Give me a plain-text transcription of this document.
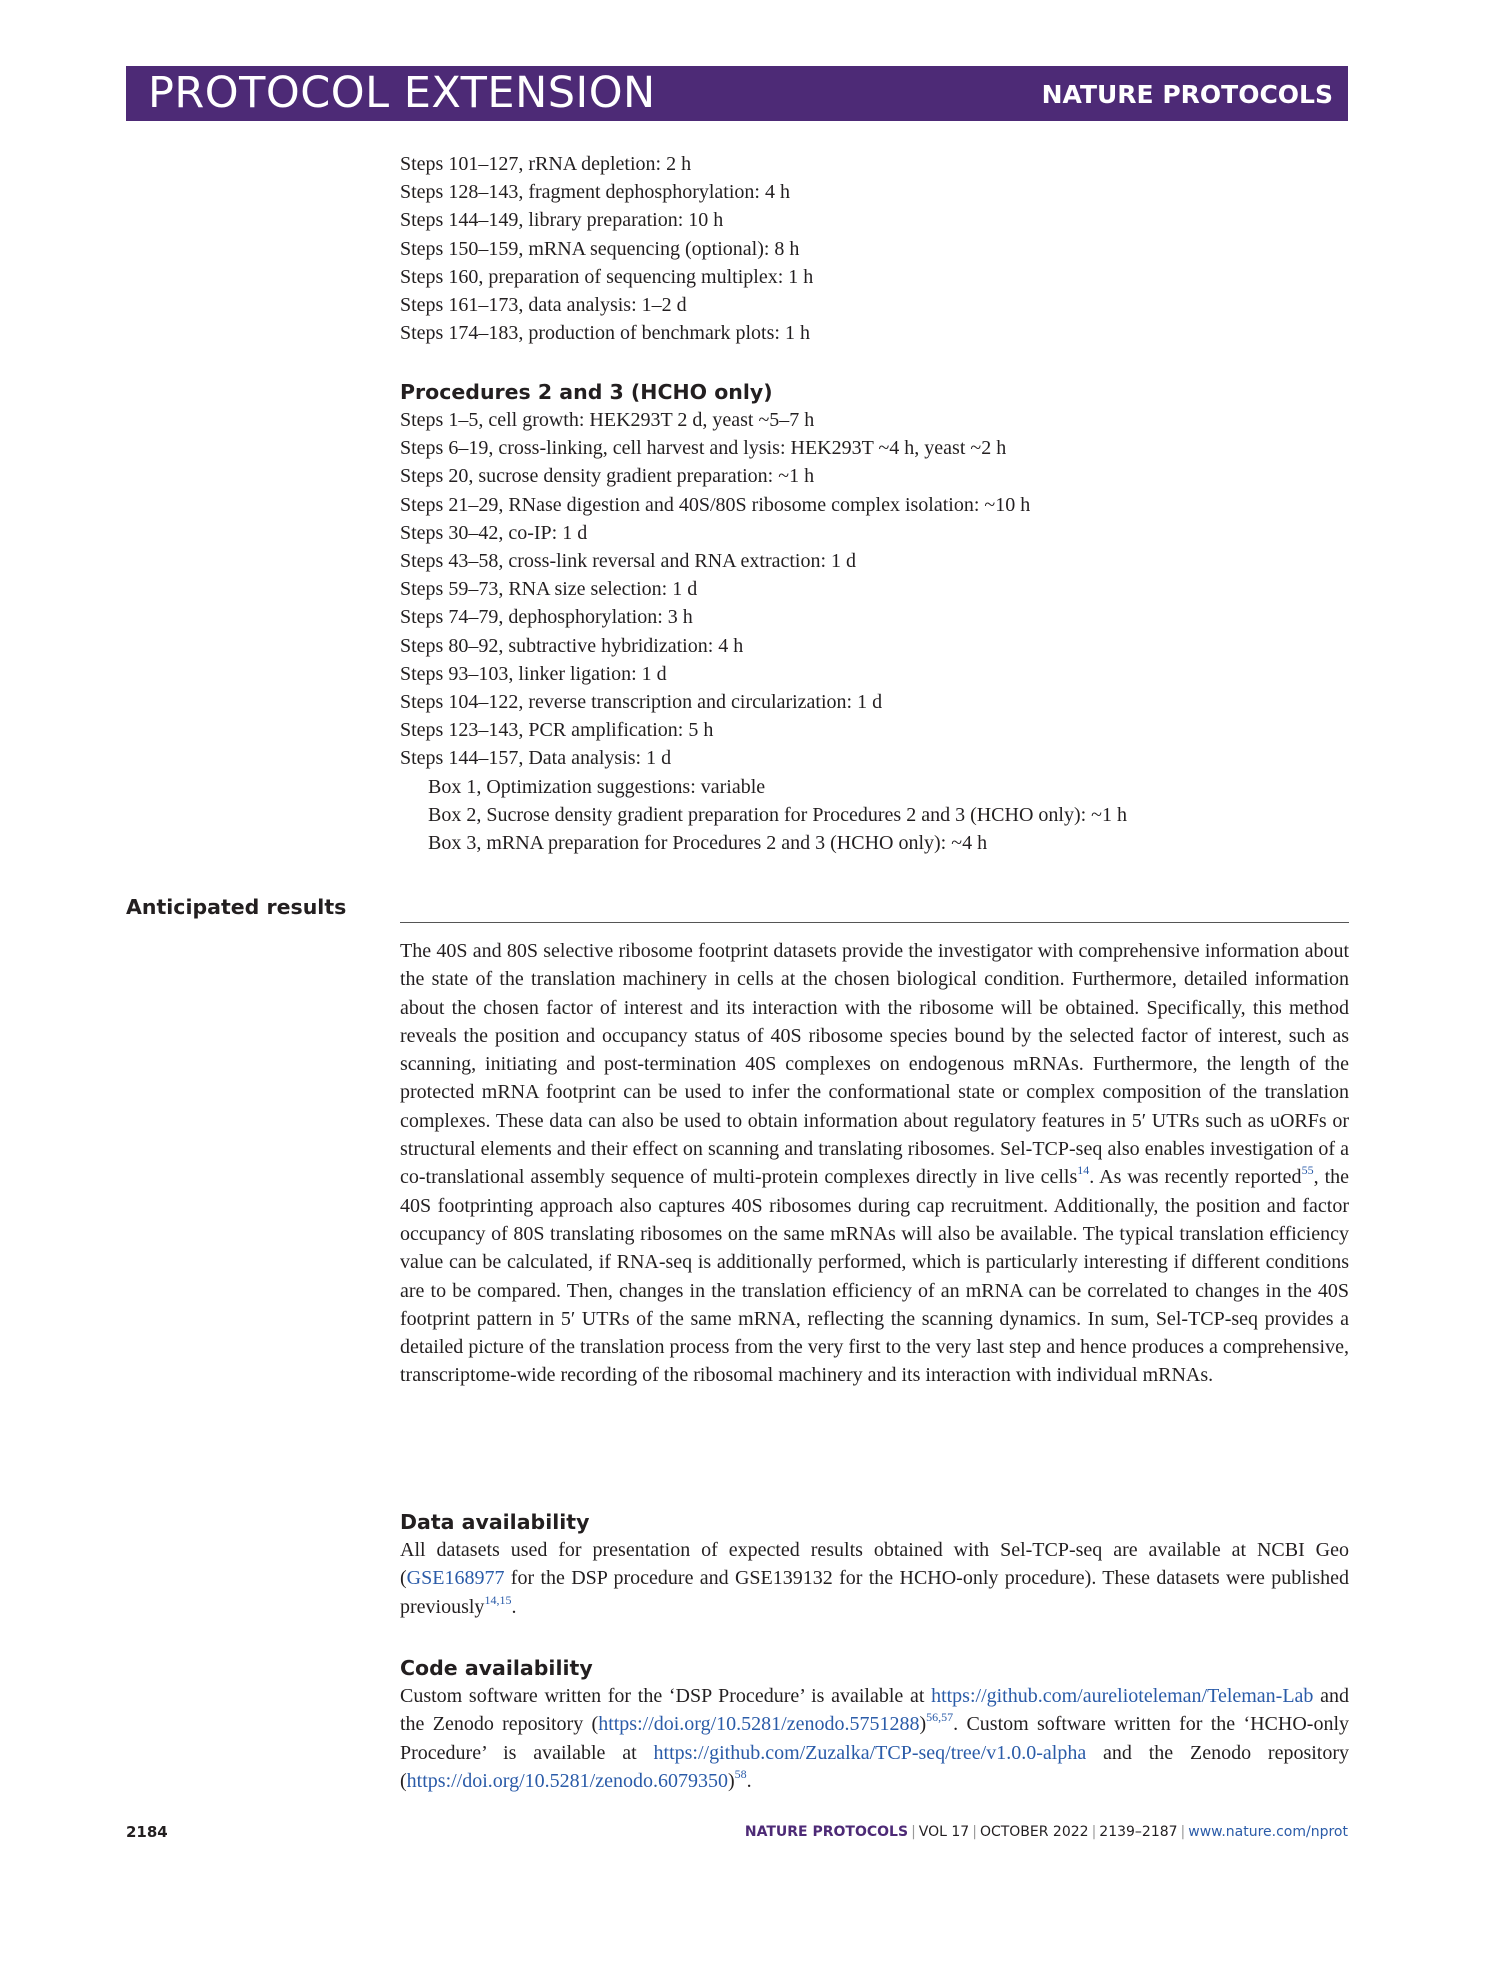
PROTOCOL EXTENSION	NATURE PROTOCOLS
Steps 101–127, rRNA depletion: 2 h
Steps 128–143, fragment dephosphorylation: 4 h
Steps 144–149, library preparation: 10 h
Steps 150–159, mRNA sequencing (optional): 8 h
Steps 160, preparation of sequencing multiplex: 1 h
Steps 161–173, data analysis: 1–2 d
Steps 174–183, production of benchmark plots: 1 h
Procedures 2 and 3 (HCHO only)
Steps 1–5, cell growth: HEK293T 2 d, yeast ~5–7 h
Steps 6–19, cross-linking, cell harvest and lysis: HEK293T ~4 h, yeast ~2 h
Steps 20, sucrose density gradient preparation: ~1 h
Steps 21–29, RNase digestion and 40S/80S ribosome complex isolation: ~10 h
Steps 30–42, co-IP: 1 d
Steps 43–58, cross-link reversal and RNA extraction: 1 d
Steps 59–73, RNA size selection: 1 d
Steps 74–79, dephosphorylation: 3 h
Steps 80–92, subtractive hybridization: 4 h
Steps 93–103, linker ligation: 1 d
Steps 104–122, reverse transcription and circularization: 1 d
Steps 123–143, PCR amplification: 5 h
Steps 144–157, Data analysis: 1 d
Box 1, Optimization suggestions: variable
Box 2, Sucrose density gradient preparation for Procedures 2 and 3 (HCHO only): ~1 h
Box 3, mRNA preparation for Procedures 2 and 3 (HCHO only): ~4 h
Anticipated results

The 40S and 80S selective ribosome footprint datasets provide the investigator with comprehensive information about the state of the translation machinery in cells at the chosen biological condition. Furthermore, detailed information about the chosen factor of interest and its interaction with the ribosome will be obtained. Specifically, this method reveals the position and occupancy status of 40S ribosome species bound by the selected factor of interest, such as scanning, initiating and post-termination 40S complexes on endogenous mRNAs. Furthermore, the length of the protected mRNA footprint can be used to infer the conformational state or complex composition of the translation complexes. These data can also be used to obtain information about regulatory features in 5′ UTRs such as uORFs or structural elements and their effect on scanning and translating ribosomes. Sel-TCP-seq also enables investigation of a co-translational assembly sequence of multi-protein complexes directly in live cells$^{14}$. As was recently reported$^{55}$, the 40S footprinting approach also captures 40S ribosomes during cap recruitment. Additionally, the position and factor occupancy of 80S translating ribosomes on the same mRNAs will also be available. The typical translation efficiency value can be calculated, if RNA-seq is additionally performed, which is particularly interesting if different conditions are to be compared. Then, changes in the translation efficiency of an mRNA can be correlated to changes in the 40S footprint pattern in 5′ UTRs of the same mRNA, reflecting the scanning dynamics. In sum, Sel-TCP-seq provides a detailed picture of the translation process from the very first to the very last step and hence produces a comprehensive, transcriptome-wide recording of the ribosomal machinery and its interaction with individual mRNAs.

Data availability

All datasets used for presentation of expected results obtained with Sel-TCP-seq are available at NCBI Geo (GSE168977 for the DSP procedure and GSE139132 for the HCHO-only procedure). These datasets were published previously$^{14,15}$.

Code availability

Custom software written for the ‘DSP Procedure’ is available at https://github.com/aurelioteleman/Teleman-Lab and the Zenodo repository (https://doi.org/10.5281/zenodo.5751288)$^{56,57}$. Custom software written for the ‘HCHO-only Procedure’ is available at https://github.com/Zuzalka/TCP-seq/tree/v1.0.0-alpha and the Zenodo repository (https://doi.org/10.5281/zenodo.6079350)$^{58}$.

2184	NATURE PROTOCOLS | VOL 17 | OCTOBER 2022 | 2139–2187 | www.nature.com/nprot
